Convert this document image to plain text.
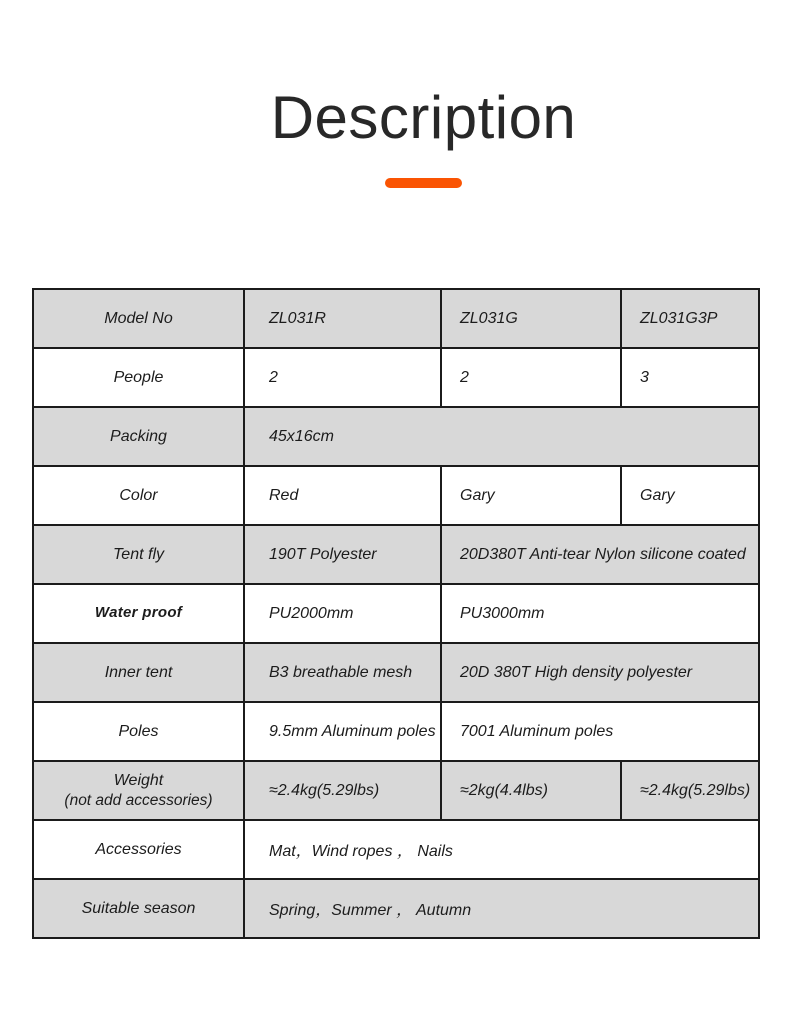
Description
Model No	ZL031R	ZL031G	ZL031G3P

People	2	2	3

Packing	45x16cm		

Color	Red	Gary	Gary

Tent fly	190T Polyester	20D380T Anti-tear Nylon silicone coated	

Water proof	PU2000mm	PU3000mm	

Inner tent	B3 breathable mesh	20D 380T High density polyester	

Poles	9.5mm Aluminum poles	7001 Aluminum poles	

Weight
(not add accessories)	≈2.4kg(5.29lbs)	≈2kg(4.4lbs)	≈2.4kg(5.29lbs)

Accessories	Mat，Wind ropes ， Nails		

Suitable season	Spring，Summer ， Autumn		
